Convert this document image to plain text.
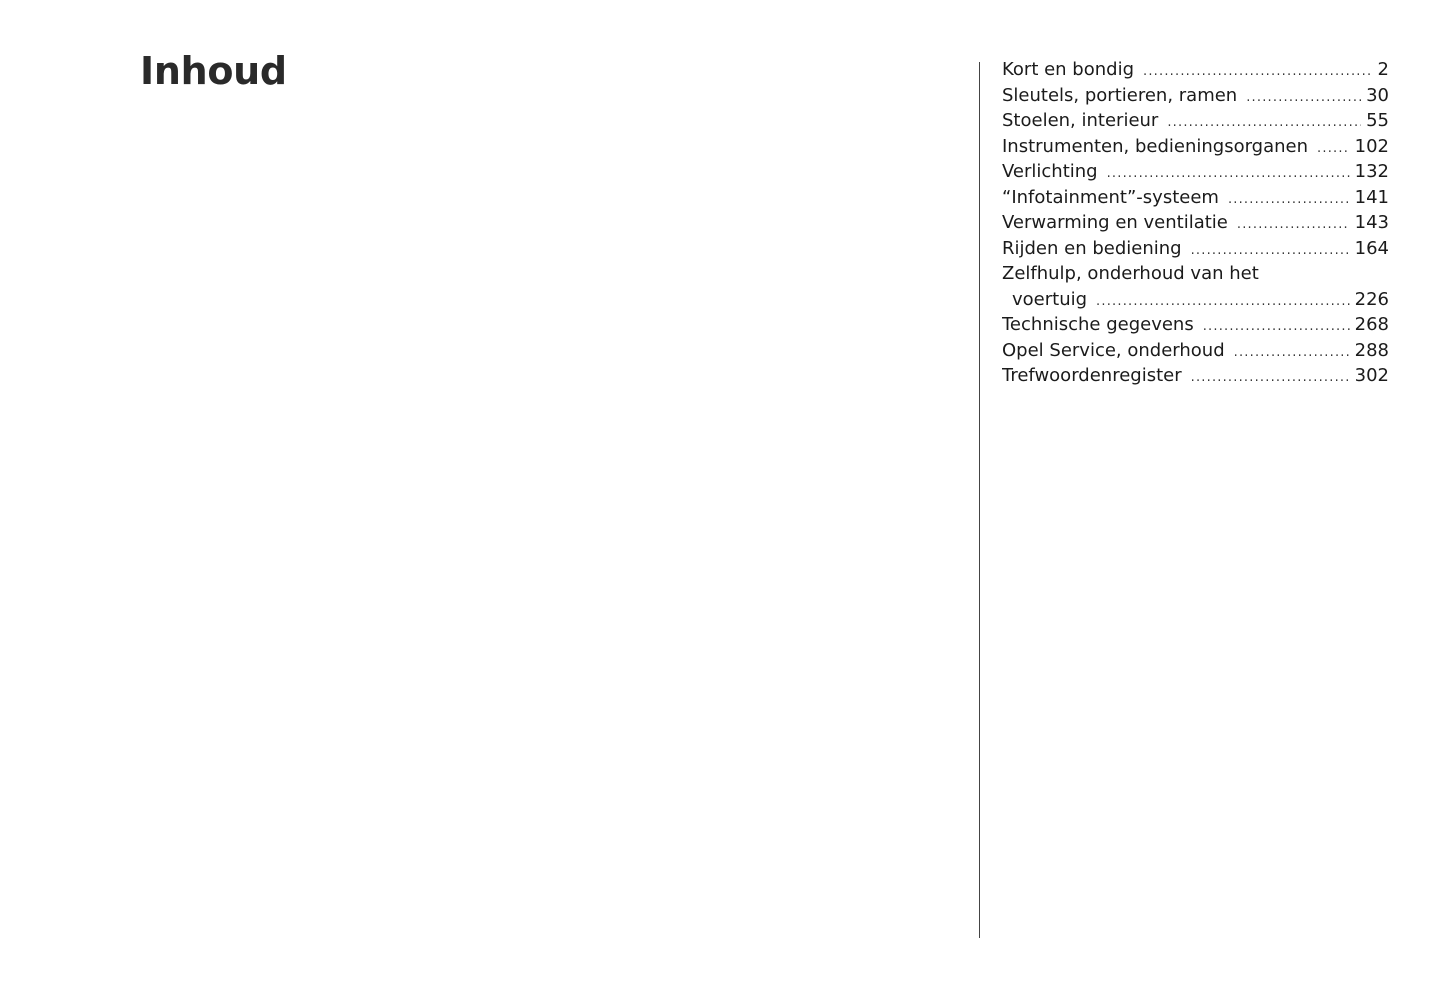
Inhoud	Kort en bondig .....	2
Sleutels, portieren, ramen .....	30
Stoelen, interieur .....	55
Instrumenten, bedieningsorganen .....	102
Verlichting .....	132
“Infotainment”-systeem .....	141
Verwarming en ventilatie .....	143
Rijden en bediening .....	164
Zelfhulp, onderhoud van het
voertuig .....	226
Technische gegevens .....	268
Opel Service, onderhoud .....	288
Trefwoordenregister .....	302
